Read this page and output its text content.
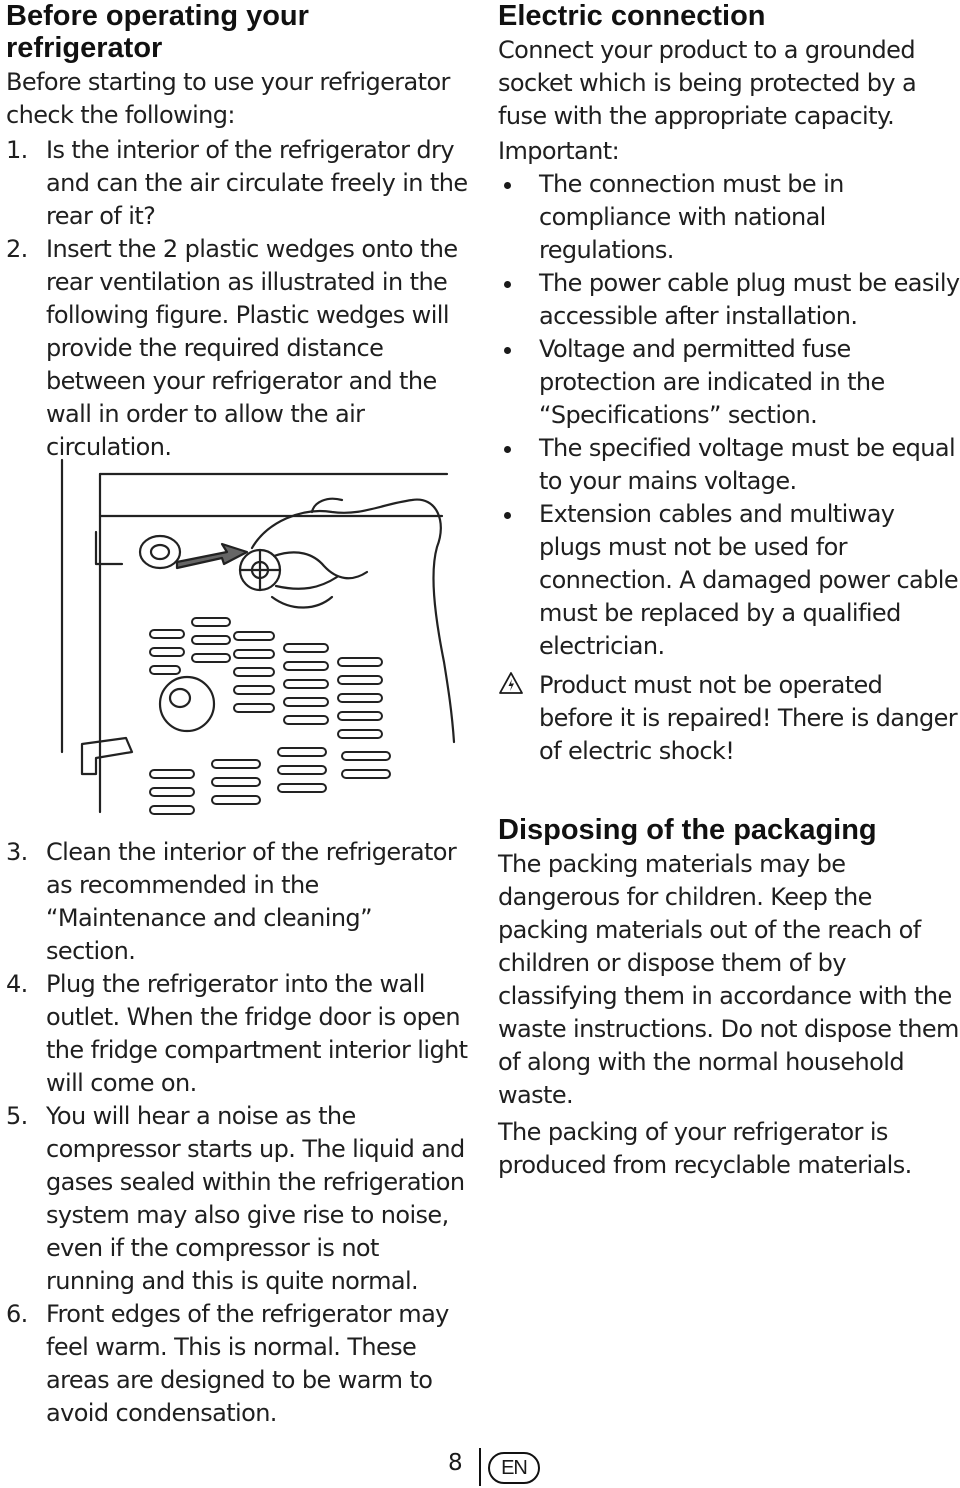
Before operating your refrigerator

Before starting to use your refrigerator check the following:

1. Is the interior of the refrigerator dry and can the air circulate freely in the rear of it?
2. Insert the 2 plastic wedges onto the rear ventilation as illustrated in the following figure. Plastic wedges will provide the required distance between your refrigerator and the wall in order to allow the air circulation.
3. Clean the interior of the refrigerator as recommended in the “Maintenance and cleaning” section.
4. Plug the refrigerator into the wall outlet. When the fridge door is open the fridge compartment interior light will come on.
5. You will hear a noise as the compressor starts up. The liquid and gases sealed within the refrigeration system may also give rise to noise, even if the compressor is not running and this is quite normal.
6. Front edges of the refrigerator may feel warm. This is normal. These areas are designed to be warm to avoid condensation.
Electric connection

Connect your product to a grounded socket which is being protected by a fuse with the appropriate capacity.

Important:

The connection must be in compliance with national regulations.
The power cable plug must be easily accessible after installation.
Voltage and permitted fuse protection are indicated in the “Specifications” section.
The specified voltage must be equal to your mains voltage.
Extension cables and multiway plugs must not be used for connection. A damaged power cable must be replaced by a qualified electrician.
Product must not be operated before it is repaired! There is danger of electric shock!
Disposing of the packaging

The packing materials may be dangerous for children. Keep the packing materials out of the reach of children or dispose them of by classifying them in accordance with the waste instructions. Do not dispose them of along with the normal household waste.

The packing of your refrigerator is produced from recyclable materials.

8	EN
